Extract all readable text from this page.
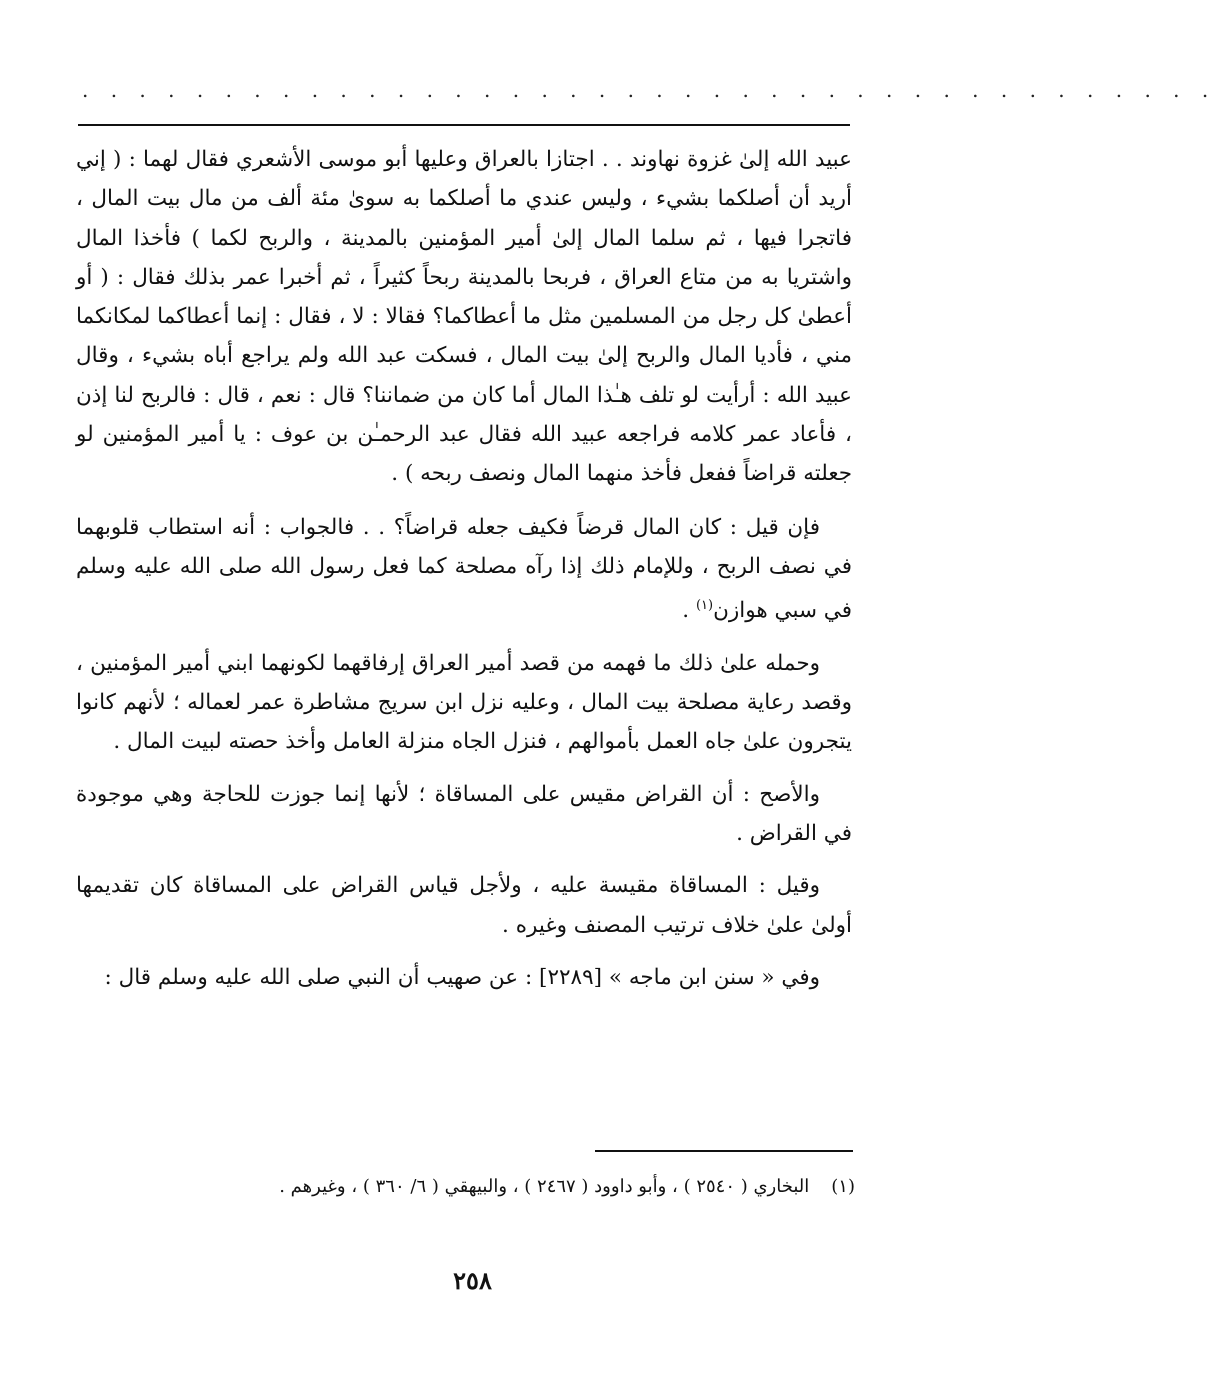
. . . . . . . . . . . . . . . . . . . . . . . . . . . . . . . . . . . . . . . .

عبيد الله إلىٰ غزوة نهاوند . . اجتازا بالعراق وعليها أبو موسى الأشعري فقال لهما : ( إني أريد أن أصلكما بشيء ، وليس عندي ما أصلكما به سوىٰ مئة ألف من مال بيت المال ، فاتجرا فيها ، ثم سلما المال إلىٰ أمير المؤمنين بالمدينة ، والربح لكما ) فأخذا المال واشتريا به من متاع العراق ، فربحا بالمدينة ربحاً كثيراً ، ثم أخبرا عمر بذلك فقال : ( أو أعطىٰ كل رجل من المسلمين مثل ما أعطاكما؟ فقالا : لا ، فقال : إنما أعطاكما لمكانكما مني ، فأديا المال والربح إلىٰ بيت المال ، فسكت عبد الله ولم يراجع أباه بشيء ، وقال عبيد الله : أرأيت لو تلف هـٰذا المال أما كان من ضماننا؟ قال : نعم ، قال : فالربح لنا إذن ، فأعاد عمر كلامه فراجعه عبيد الله فقال عبد الرحمـٰن بن عوف : يا أمير المؤمنين لو جعلته قراضاً ففعل فأخذ منهما المال ونصف ربحه ) .

فإن قيل : كان المال قرضاً فكيف جعله قراضاً؟ . . فالجواب : أنه استطاب قلوبهما في نصف الربح ، وللإمام ذلك إذا رآه مصلحة كما فعل رسول الله صلى الله عليه وسلم في سبي هوازن$^{(١)}$ .

وحمله علىٰ ذلك ما فهمه من قصد أمير العراق إرفاقهما لكونهما ابني أمير المؤمنين ، وقصد رعاية مصلحة بيت المال ، وعليه نزل ابن سريج مشاطرة عمر لعماله ؛ لأنهم كانوا يتجرون علىٰ جاه العمل بأموالهم ، فنزل الجاه منزلة العامل وأخذ حصته لبيت المال .

والأصح : أن القراض مقيس على المساقاة ؛ لأنها إنما جوزت للحاجة وهي موجودة في القراض .

وقيل : المساقاة مقيسة عليه ، ولأجل قياس القراض على المساقاة كان تقديمها أولىٰ علىٰ خلاف ترتيب المصنف وغيره .

وفي « سنن ابن ماجه » [٢٢٨٩] : عن صهيب أن النبي صلى الله عليه وسلم قال :

(١)البخاري ( ٢٥٤٠ ) ، وأبو داوود ( ٢٤٦٧ ) ، والبيهقي ( ٦/ ٣٦٠ ) ، وغيرهم .
٢٥٨
